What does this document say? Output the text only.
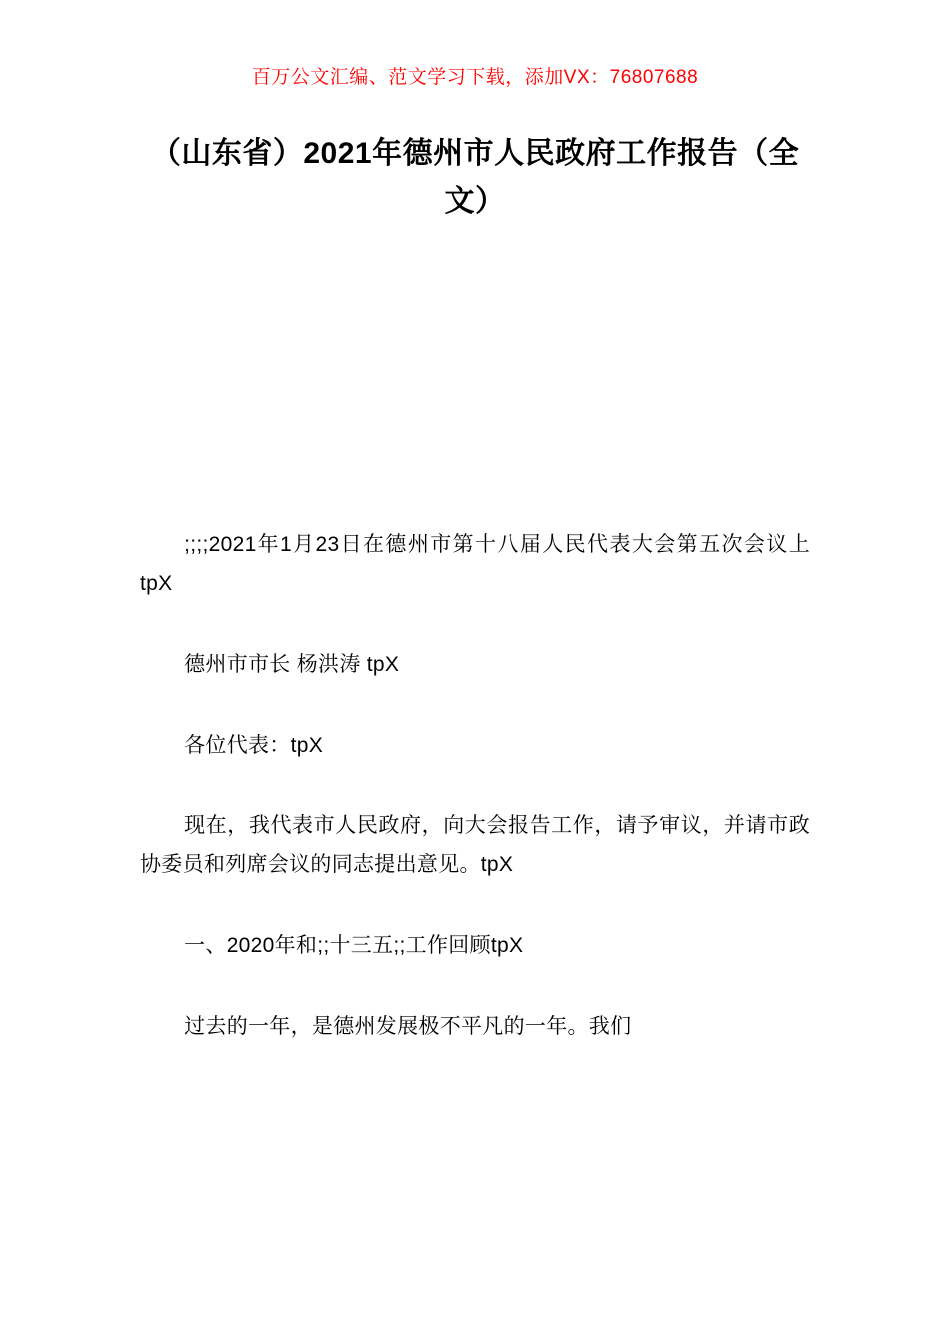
百万公文汇编、范文学习下载，添加VX：76807688
（山东省）2021年德州市人民政府工作报告（全文）

;;;;2021年1月23日在德州市第十八届人民代表大会第五次会议上tpX

德州市市长 杨洪涛 tpX

各位代表：tpX

现在，我代表市人民政府，向大会报告工作，请予审议，并请市政协委员和列席会议的同志提出意见。tpX

一、2020年和;;十三五;;工作回顾tpX

过去的一年，是德州发展极不平凡的一年。我们
